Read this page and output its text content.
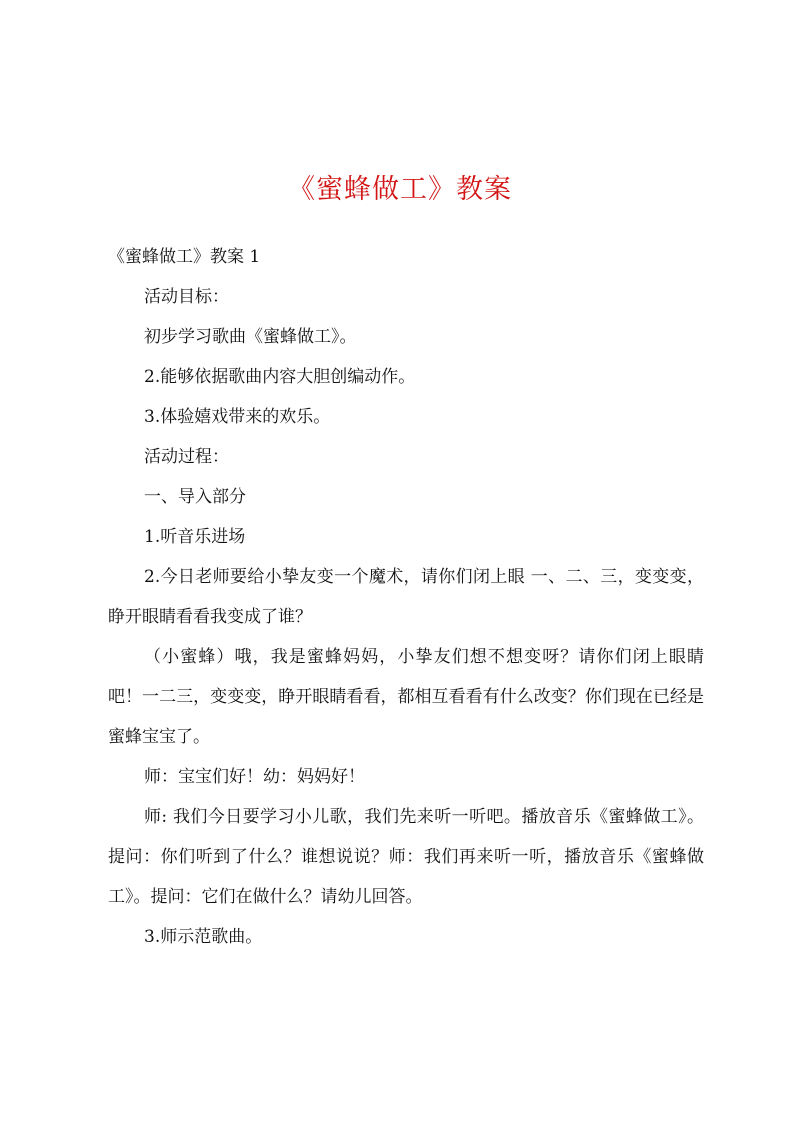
《蜜蜂做工》教案

《蜜蜂做工》教案 1

活动目标：

初步学习歌曲《蜜蜂做工》。

2.能够依据歌曲内容大胆创编动作。

3.体验嬉戏带来的欢乐。

活动过程：

一、导入部分

1.听音乐进场

2.今日老师要给小挚友变一个魔术，请你们闭上眼 一、二、三，变变变，睁开眼睛看看我变成了谁？

（小蜜蜂）哦，我是蜜蜂妈妈，小挚友们想不想变呀？请你们闭上眼睛吧！一二三，变变变，睁开眼睛看看，都相互看看有什么改变？你们现在已经是蜜蜂宝宝了。

师：宝宝们好！幼：妈妈好！

师: 我们今日要学习小儿歌，我们先来听一听吧。播放音乐《蜜蜂做工》。提问：你们听到了什么？谁想说说？师：我们再来听一听，播放音乐《蜜蜂做工》。提问：它们在做什么？请幼儿回答。

3.师示范歌曲。
